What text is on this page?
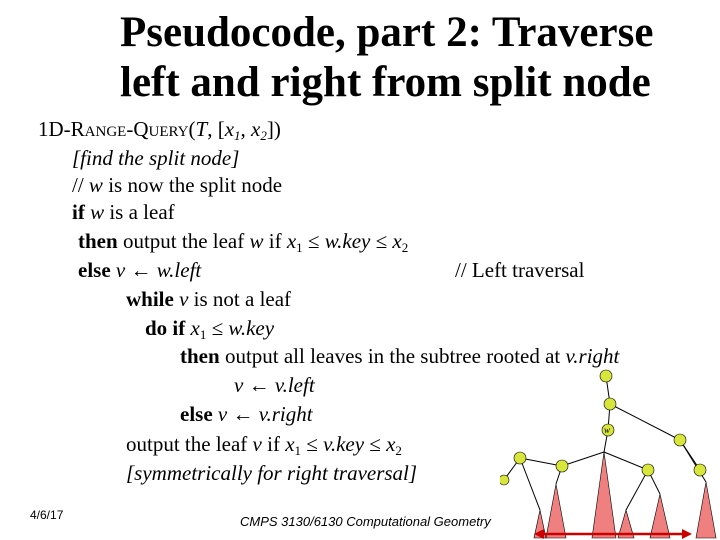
Pseudocode, part 2: Traverse
left and right from split node
1D-Range-Query(T, [$x_1$, $x_2$])
[find the split node]
// w is now the split node
if w is a leaf
then output the leaf w if $x_1 \le w.key \le x_2$
else v ← w.left	// Left traversal
while v is not a leaf
do if $x_1 \le w.key$
then output all leaves in the subtree rooted at v.right
v ← v.left
else v ← v.right
output the leaf v if $x_1 \le v.key \le x_2$
[symmetrically for right traversal]
4/6/17	CMPS 3130/6130 Computational Geometry
w
